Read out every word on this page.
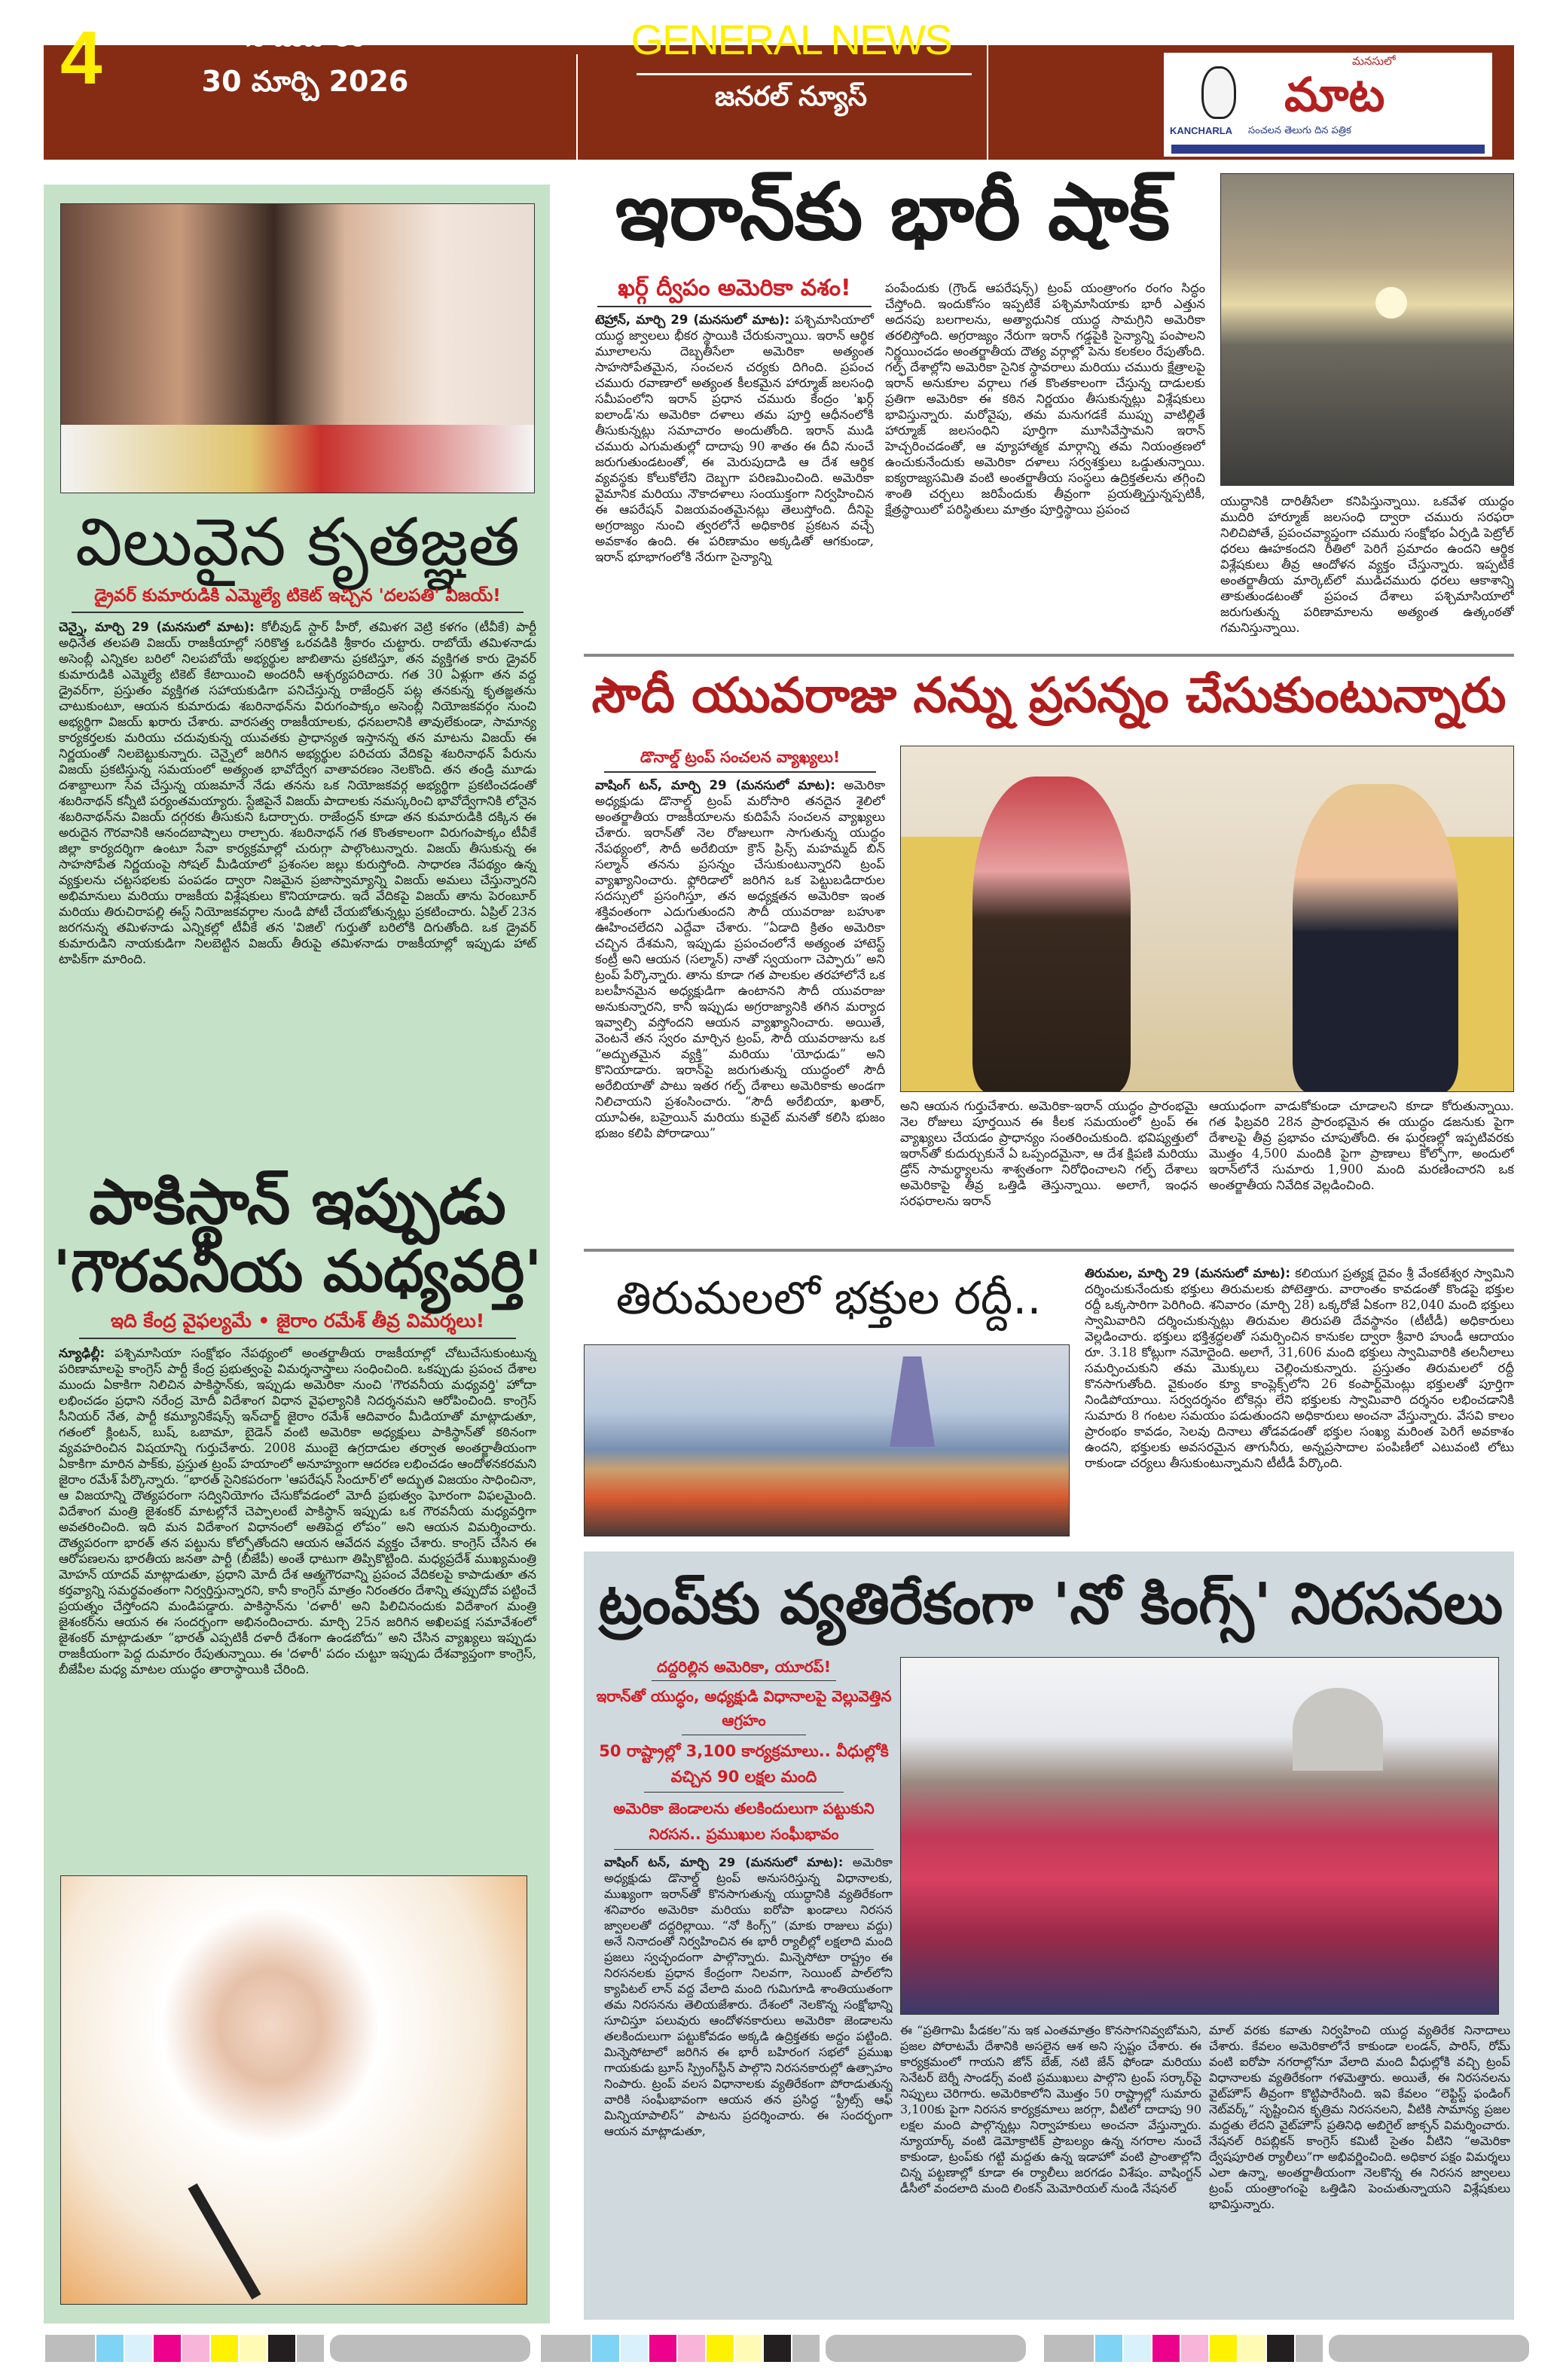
4	సోమవారం
30 మార్చి 2026
GENERAL NEWS
జనరల్ న్యూస్
మనసులో
మాట
KANCHARLA సంచలన తెలుగు దిన పత్రిక
విలువైన కృతజ్ఞత
డ్రైవర్ కుమారుడికి ఎమ్మెల్యే టికెట్ ఇచ్చిన 'దలపతి' విజయ్!
చెన్నై, మార్చి 29 (మనసులో మాట): కోలీవుడ్ స్టార్ హీరో, తమిళగ వెట్రి కళగం (టీవీకే) పార్టీ అధినేత తలపతి విజయ్ రాజకీయాల్లో సరికొత్త ఒరవడికి శ్రీకారం చుట్టారు. రాబోయే తమిళనాడు అసెంబ్లీ ఎన్నికల బరిలో నిలపబోయే అభ్యర్థుల జాబితాను ప్రకటిస్తూ, తన వ్యక్తిగత కారు డ్రైవర్ కుమారుడికి ఎమ్మెల్యే టికెట్ కేటాయించి అందరినీ ఆశ్చర్యపరిచారు. గత 30 ఏళ్లుగా తన వద్ద డ్రైవర్‌గా, ప్రస్తుతం వ్యక్తిగత సహాయకుడిగా పనిచేస్తున్న రాజేంద్రన్ పట్ల తనకున్న కృతజ్ఞతను చాటుకుంటూ, ఆయన కుమారుడు శబరినాథన్‌ను విరుగంపాక్కం అసెంబ్లీ నియోజకవర్గం నుంచి అభ్యర్థిగా విజయ్ ఖరారు చేశారు. వారసత్వ రాజకీయాలకు, ధనబలానికి తావులేకుండా, సామాన్య కార్యకర్తలకు మరియు చదువుకున్న యువతకు ప్రాధాన్యత ఇస్తానన్న తన మాటను విజయ్ ఈ నిర్ణయంతో నిలబెట్టుకున్నారు. చెన్నైలో జరిగిన అభ్యర్థుల పరిచయ వేదికపై శబరినాథన్ పేరును విజయ్ ప్రకటిస్తున్న సమయంలో అత్యంత భావోద్వేగ వాతావరణం నెలకొంది. తన తండ్రి మూడు దశాబ్దాలుగా సేవ చేస్తున్న యజమానే నేడు తనను ఒక నియోజకవర్గ అభ్యర్థిగా ప్రకటించడంతో శబరినాథన్ కన్నీటి పర్యంతమయ్యారు. స్టేజిపైనే విజయ్ పాదాలకు నమస్కరించి భావోద్వేగానికి లోనైన శబరినాథన్‌ను విజయ్ దగ్గరకు తీసుకుని ఓదార్చారు. రాజేంద్రన్ కూడా తన కుమారుడికి దక్కిన ఈ అరుదైన గౌరవానికి ఆనందబాష్పాలు రాల్చారు. శబరినాథన్ గత కొంతకాలంగా విరుగంపాక్కం టీవీకే జిల్లా కార్యదర్శిగా ఉంటూ సేవా కార్యక్రమాల్లో చురుగ్గా పాల్గొంటున్నారు. విజయ్ తీసుకున్న ఈ సాహసోపేత నిర్ణయంపై సోషల్ మీడియాలో ప్రశంసల జల్లు కురుస్తోంది. సాధారణ నేపథ్యం ఉన్న వ్యక్తులను చట్టసభలకు పంపడం ద్వారా నిజమైన ప్రజాస్వామ్యాన్ని విజయ్ అమలు చేస్తున్నారని అభిమానులు మరియు రాజకీయ విశ్లేషకులు కొనియాడారు. ఇదే వేదికపై విజయ్ తాను పెరంబూర్ మరియు తిరుచిరాపల్లి ఈస్ట్ నియోజకవర్గాల నుండి పోటీ చేయబోతున్నట్లు ప్రకటించారు. ఏప్రిల్ 23న జరగనున్న తమిళనాడు ఎన్నికల్లో టీవీకే తన 'విజిల్' గుర్తుతో బరిలోకి దిగుతోంది. ఒక డ్రైవర్ కుమారుడిని నాయకుడిగా నిలబెట్టిన విజయ్ తీరుపై తమిళనాడు రాజకీయాల్లో ఇప్పుడు హాట్ టాపిక్‌గా మారింది.
పాకిస్థాన్ ఇప్పుడు
'గౌరవనీయ మధ్యవర్తి'
ఇది కేంద్ర వైఫల్యమే • జైరాం రమేశ్ తీవ్ర విమర్శలు!
న్యూఢిల్లీ: పశ్చిమాసియా సంక్షోభం నేపథ్యంలో అంతర్జాతీయ రాజకీయాల్లో చోటుచేసుకుంటున్న పరిణామాలపై కాంగ్రెస్ పార్టీ కేంద్ర ప్రభుత్వంపై విమర్శనాస్త్రాలు సంధించింది. ఒకప్పుడు ప్రపంచ దేశాల ముందు ఏకాకిగా నిలిచిన పాకిస్థాన్‌కు, ఇప్పుడు అమెరికా నుంచి 'గౌరవనీయ మధ్యవర్తి' హోదా లభించడం ప్రధాని నరేంద్ర మోదీ విదేశాంగ విధాన వైఫల్యానికి నిదర్శనమని ఆరోపించింది. కాంగ్రెస్ సీనియర్ నేత, పార్టీ కమ్యూనికేషన్స్ ఇన్‌చార్జ్ జైరాం రమేశ్ ఆదివారం మీడియాతో మాట్లాడుతూ, గతంలో క్లింటన్, బుష్, ఒబామా, బైడెన్ వంటి అమెరికా అధ్యక్షులు పాకిస్థాన్‌తో కఠినంగా వ్యవహరించిన విషయాన్ని గుర్తుచేశారు. 2008 ముంబై ఉగ్రదాడుల తర్వాత అంతర్జాతీయంగా ఏకాకిగా మారిన పాక్‌కు, ప్రస్తుత ట్రంప్ హయాంలో అనూహ్యంగా ఆదరణ లభించడం ఆందోళనకరమని జైరాం రమేశ్ పేర్కొన్నారు. “భారత్ సైనికపరంగా 'ఆపరేషన్ సిందూర్'లో అద్భుత విజయం సాధించినా, ఆ విజయాన్ని దౌత్యపరంగా సద్వినియోగం చేసుకోవడంలో మోదీ ప్రభుత్వం ఘోరంగా విఫలమైంది. విదేశాంగ మంత్రి జైశంకర్ మాటల్లోనే చెప్పాలంటే పాకిస్థాన్ ఇప్పుడు ఒక గౌరవనీయ మధ్యవర్తిగా అవతరించింది. ఇది మన విదేశాంగ విధానంలో అతిపెద్ద లోపం” అని ఆయన విమర్శించారు. దౌత్యపరంగా భారత్ తన పట్టును కోల్పోతోందని ఆయన ఆవేదన వ్యక్తం చేశారు. కాంగ్రెస్ చేసిన ఈ ఆరోపణలను భారతీయ జనతా పార్టీ (బీజేపీ) అంతే ధాటుగా తిప్పికొట్టింది. మధ్యప్రదేశ్ ముఖ్యమంత్రి మోహన్ యాదవ్ మాట్లాడుతూ, ప్రధాని మోదీ దేశ ఆత్మగౌరవాన్ని ప్రపంచ వేదికలపై కాపాడుతూ తన కర్తవ్యాన్ని సమర్థవంతంగా నిర్వర్తిస్తున్నారని, కానీ కాంగ్రెస్ మాత్రం నిరంతరం దేశాన్ని తప్పుదోవ పట్టించే ప్రయత్నం చేస్తోందని మండిపడ్డారు. పాకిస్థాన్‌ను 'దళారీ' అని పిలిచినందుకు విదేశాంగ మంత్రి జైశంకర్‌ను ఆయన ఈ సందర్భంగా అభినందించారు. మార్చి 25న జరిగిన అఖిలపక్ష సమావేశంలో జైశంకర్ మాట్లాడుతూ “భారత్ ఎప్పటికీ దళారీ దేశంగా ఉండబోదు” అని చేసిన వ్యాఖ్యలు ఇప్పుడు రాజకీయంగా పెద్ద దుమారం రేపుతున్నాయి. ఈ 'దళారీ' పదం చుట్టూ ఇప్పుడు దేశవ్యాప్తంగా కాంగ్రెస్, బీజేపీల మధ్య మాటల యుద్ధం తారాస్థాయికి చేరింది.
ఇరాన్‌కు భారీ షాక్
ఖర్గ్ ద్వీపం అమెరికా వశం!
టెహ్రాన్, మార్చి 29 (మనసులో మాట): పశ్చిమాసియాలో యుద్ధ జ్వాలలు భీకర స్థాయికి చేరుకున్నాయి. ఇరాన్ ఆర్థిక మూలాలను దెబ్బతీసేలా అమెరికా అత్యంత సాహసోపేతమైన, సంచలన చర్యకు దిగింది. ప్రపంచ చమురు రవాణాలో అత్యంత కీలకమైన హార్మూజ్ జలసంధి సమీపంలోని ఇరాన్ ప్రధాన చమురు కేంద్రం 'ఖర్గ్ ఐలాండ్'ను అమెరికా దళాలు తమ పూర్తి ఆధీనంలోకి తీసుకున్నట్లు సమాచారం అందుతోంది. ఇరాన్ ముడి చమురు ఎగుమతుల్లో దాదాపు 90 శాతం ఈ దీవి నుంచే జరుగుతుండటంతో, ఈ మెరుపుదాడి ఆ దేశ ఆర్థిక వ్యవస్థకు కోలుకోలేని దెబ్బగా పరిణమించింది. అమెరికా వైమానిక మరియు నౌకాదళాలు సంయుక్తంగా నిర్వహించిన ఈ ఆపరేషన్ విజయవంతమైనట్లు తెలుస్తోంది. దీనిపై అగ్రరాజ్యం నుంచి త్వరలోనే అధికారిక ప్రకటన వచ్చే అవకాశం ఉంది. ఈ పరిణామం అక్కడితో ఆగకుండా, ఇరాన్ భూభాగంలోకి నేరుగా సైన్యాన్ని
పంపేందుకు (గ్రౌండ్ ఆపరేషన్స్) ట్రంప్ యంత్రాంగం రంగం సిద్ధం చేస్తోంది. ఇందుకోసం ఇప్పటికే పశ్చిమాసియాకు భారీ ఎత్తున అదనపు బలగాలను, అత్యాధునిక యుద్ధ సామగ్రిని అమెరికా తరలిస్తోంది. అగ్రరాజ్యం నేరుగా ఇరాన్ గడ్డపైకి సైన్యాన్ని పంపాలని నిర్ణయించడం అంతర్జాతీయ దౌత్య వర్గాల్లో పెను కలకలం రేపుతోంది. గల్ఫ్ దేశాల్లోని అమెరికా సైనిక స్థావరాలు మరియు చమురు క్షేత్రాలపై ఇరాన్ అనుకూల వర్గాలు గత కొంతకాలంగా చేస్తున్న దాడులకు ప్రతిగా అమెరికా ఈ కఠిన నిర్ణయం తీసుకున్నట్లు విశ్లేషకులు భావిస్తున్నారు. మరోవైపు, తమ మనుగడకే ముప్పు వాటిల్లితే హార్మూజ్ జలసంధిని పూర్తిగా మూసివేస్తామని ఇరాన్ హెచ్చరించడంతో, ఆ వ్యూహాత్మక మార్గాన్ని తమ నియంత్రణలో ఉంచుకునేందుకు అమెరికా దళాలు సర్వశక్తులు ఒడ్డుతున్నాయి. ఐక్యరాజ్యసమితి వంటి అంతర్జాతీయ సంస్థలు ఉద్రిక్తతలను తగ్గించి శాంతి చర్చలు జరిపేందుకు తీవ్రంగా ప్రయత్నిస్తున్నప్పటికీ, క్షేత్రస్థాయిలో పరిస్థితులు మాత్రం పూర్తిస్థాయి ప్రపంచ
యుద్ధానికి దారితీసేలా కనిపిస్తున్నాయి. ఒకవేళ యుద్ధం ముదిరి హార్మూజ్ జలసంధి ద్వారా చమురు సరఫరా నిలిచిపోతే, ప్రపంచవ్యాప్తంగా చమురు సంక్షోభం ఏర్పడి పెట్రోల్ ధరలు ఊహకందని రీతిలో పెరిగే ప్రమాదం ఉందని ఆర్థిక విశ్లేషకులు తీవ్ర ఆందోళన వ్యక్తం చేస్తున్నారు. ఇప్పటికే అంతర్జాతీయ మార్కెట్‌లో ముడిచమురు ధరలు ఆకాశాన్ని తాకుతుండటంతో ప్రపంచ దేశాలు పశ్చిమాసియాలో జరుగుతున్న పరిణామాలను అత్యంత ఉత్కంఠతో గమనిస్తున్నాయి.
సౌదీ యువరాజు నన్ను ప్రసన్నం చేసుకుంటున్నారు
డొనాల్డ్ ట్రంప్ సంచలన వ్యాఖ్యలు!
వాషింగ్ టన్, మార్చి 29 (మనసులో మాట): అమెరికా అధ్యక్షుడు డొనాల్డ్ ట్రంప్ మరోసారి తనదైన శైలిలో అంతర్జాతీయ రాజకీయాలను కుదిపేసే సంచలన వ్యాఖ్యలు చేశారు. ఇరాన్‌తో నెల రోజులుగా సాగుతున్న యుద్ధం నేపథ్యంలో, సౌదీ అరేబియా క్రౌన్ ప్రిన్స్ మహమ్మద్ బిన్ సల్మాన్ తనను ప్రసన్నం చేసుకుంటున్నారని ట్రంప్ వ్యాఖ్యానించారు. ఫ్లోరిడాలో జరిగిన ఒక పెట్టుబడిదారుల సదస్సులో ప్రసంగిస్తూ, తన అధ్యక్షతన అమెరికా ఇంత శక్తివంతంగా ఎదుగుతుందని సౌదీ యువరాజు బహుశా ఊహించలేదని ఎద్దేవా చేశారు. “ఏడాది క్రితం అమెరికా చచ్చిన దేశమని, ఇప్పుడు ప్రపంచంలోనే అత్యంత హాటెస్ట్ కంట్రీ అని ఆయన (సల్మాన్) నాతో స్వయంగా చెప్పారు” అని ట్రంప్ పేర్కొన్నారు. తాను కూడా గత పాలకుల తరహాలోనే ఒక బలహీనమైన అధ్యక్షుడిగా ఉంటానని సౌదీ యువరాజు అనుకున్నారని, కానీ ఇప్పుడు అగ్రరాజ్యానికి తగిన మర్యాద ఇవ్వాల్సి వస్తోందని ఆయన వ్యాఖ్యానించారు. అయితే, వెంటనే తన స్వరం మార్చిన ట్రంప్, సౌదీ యువరాజును ఒక “అద్భుతమైన వ్యక్తి” మరియు 'యోధుడు” అని కొనియాడారు. ఇరాన్‌పై జరుగుతున్న యుద్ధంలో సౌదీ అరేబియాతో పాటు ఇతర గల్ఫ్ దేశాలు అమెరికాకు అండగా నిలిచాయని ప్రశంసించారు. “సౌదీ అరేబియా, ఖతార్, యూఏఈ, బహ్రెయిన్ మరియు కువైట్ మనతో కలిసి భుజం భుజం కలిపి పోరాడాయి”
అని ఆయన గుర్తుచేశారు. అమెరికా-ఇరాన్ యుద్ధం ప్రారంభమై నెల రోజులు పూర్తయిన ఈ కీలక సమయంలో ట్రంప్ ఈ వ్యాఖ్యలు చేయడం ప్రాధాన్యం సంతరించుకుంది. భవిష్యత్తులో ఇరాన్‌తో కుదుర్చుకునే ఏ ఒప్పందమైనా, ఆ దేశ క్షిపణి మరియు డ్రోన్ సామర్థ్యాలను శాశ్వతంగా నిరోధించాలని గల్ఫ్ దేశాలు అమెరికాపై తీవ్ర ఒత్తిడి తెస్తున్నాయి. అలాగే, ఇంధన సరఫరాలను ఇరాన్
ఆయుధంగా వాడుకోకుండా చూడాలని కూడా కోరుతున్నాయి. గత ఫిబ్రవరి 28న ప్రారంభమైన ఈ యుద్ధం డజనుకు పైగా దేశాలపై తీవ్ర ప్రభావం చూపుతోంది. ఈ ఘర్షణల్లో ఇప్పటివరకు మొత్తం 4,500 మందికి పైగా ప్రాణాలు కోల్పోగా, అందులో ఇరాన్‌లోనే సుమారు 1,900 మంది మరణించారని ఒక అంతర్జాతీయ నివేదిక వెల్లడించింది.
తిరుమలలో భక్తుల రద్దీ..	తిరుమల, మార్చి 29 (మనసులో మాట): కలియుగ ప్రత్యక్ష దైవం శ్రీ వేంకటేశ్వర స్వామిని దర్శించుకునేందుకు భక్తులు తిరుమలకు పోటెత్తారు. వారాంతం కావడంతో కొండపై భక్తుల రద్దీ ఒక్కసారిగా పెరిగింది. శనివారం (మార్చి 28) ఒక్కరోజే ఏకంగా 82,040 మంది భక్తులు స్వామివారిని దర్శించుకున్నట్లు తిరుమల తిరుపతి దేవస్థానం (టీటీడీ) అధికారులు వెల్లడించారు. భక్తులు భక్తిశ్రద్ధలతో సమర్పించిన కానుకల ద్వారా శ్రీవారి హుండీ ఆదాయం రూ. 3.18 కోట్లుగా నమోదైంది. అలాగే, 31,606 మంది భక్తులు స్వామివారికి తలనీలాలు సమర్పించుకుని తమ మొక్కులు చెల్లించుకున్నారు. ప్రస్తుతం తిరుమలలో రద్దీ కొనసాగుతోంది. వైకుంఠం క్యూ కాంప్లెక్స్‌లోని 26 కంపార్ట్‌మెంట్లు భక్తులతో పూర్తిగా నిండిపోయాయి. సర్వదర్శనం టోకెన్లు లేని భక్తులకు స్వామివారి దర్శనం లభించడానికి సుమారు 8 గంటల సమయం పడుతుందని అధికారులు అంచనా వేస్తున్నారు. వేసవి కాలం ప్రారంభం కావడం, సెలవు దినాలు తోడవడంతో భక్తుల సంఖ్య మరింత పెరిగే అవకాశం ఉందని, భక్తులకు అవసరమైన తాగునీరు, అన్నప్రసాదాల పంపిణీలో ఎటువంటి లోటు రాకుండా చర్యలు తీసుకుంటున్నామని టీటీడీ పేర్కొంది.
ట్రంప్‌కు వ్యతిరేకంగా 'నో కింగ్స్' నిరసనలు
దద్దరిల్లిన అమెరికా, యూరప్!
ఇరాన్‌తో యుద్ధం, అధ్యక్షుడి విధానాలపై వెల్లువెత్తిన ఆగ్రహం
50 రాష్ట్రాల్లో 3,100 కార్యక్రమాలు.. వీధుల్లోకి వచ్చిన 90 లక్షల మంది
అమెరికా జెండాలను తలకిందులుగా పట్టుకుని నిరసన.. ప్రముఖుల సంఘీభావం
వాషింగ్ టన్, మార్చి 29 (మనసులో మాట): అమెరికా అధ్యక్షుడు డొనాల్డ్ ట్రంప్ అనుసరిస్తున్న విధానాలకు, ముఖ్యంగా ఇరాన్‌తో కొనసాగుతున్న యుద్ధానికి వ్యతిరేకంగా శనివారం అమెరికా మరియు ఐరోపా ఖండాలు నిరసన జ్వాలలతో దద్దరిల్లాయి. “నో కింగ్స్” (మాకు రాజులు వద్దు) అనే నినాదంతో నిర్వహించిన ఈ భారీ ర్యాలీల్లో లక్షలాది మంది ప్రజలు స్వచ్ఛందంగా పాల్గొన్నారు. మిన్నెసోటా రాష్ట్రం ఈ నిరసనలకు ప్రధాన కేంద్రంగా నిలవగా, సెయింట్ పాల్‌లోని క్యాపిటల్ లాన్ వద్ద వేలాది మంది గుమిగూడి శాంతియుతంగా తమ నిరసనను తెలియజేశారు. దేశంలో నెలకొన్న సంక్షోభాన్ని సూచిస్తూ పలువురు ఆందోళనకారులు అమెరికా జెండాలను తలకిందులుగా పట్టుకోవడం అక్కడి ఉద్రిక్తతకు అద్దం పట్టింది. మిన్నెసోటాలో జరిగిన ఈ భారీ బహిరంగ సభలో ప్రముఖ గాయకుడు బ్రూస్ స్ప్రింగ్‌స్టీన్ పాల్గొని నిరసనకారుల్లో ఉత్సాహం నింపారు. ట్రంప్ వలస విధానాలకు వ్యతిరేకంగా పోరాడుతున్న వారికి సంఘీభావంగా ఆయన తన ప్రసిద్ధ “స్ట్రీట్స్ ఆఫ్ మిన్నియాపాలిస్” పాటను ప్రదర్శించారు. ఈ సందర్భంగా ఆయన మాట్లాడుతూ,
ఈ “ప్రతిగామి పీడకల”ను ఇక ఎంతమాత్రం కొనసాగనివ్వబోమని, ప్రజల పోరాటమే దేశానికి అసలైన ఆశ అని స్పష్టం చేశారు. ఈ కార్యక్రమంలో గాయని జోన్ బేజ్, నటి జేన్ ఫోండా మరియు సెనేటర్ బెర్నీ సాండర్స్ వంటి ప్రముఖులు పాల్గొని ట్రంప్ సర్కార్‌పై నిప్పులు చెరిగారు. అమెరికాలోని మొత్తం 50 రాష్ట్రాల్లో సుమారు 3,100కు పైగా నిరసన కార్యక్రమాలు జరగ్గా, వీటిలో దాదాపు 90 లక్షల మంది పాల్గొన్నట్లు నిర్వాహకులు అంచనా వేస్తున్నారు. న్యూయార్క్ వంటి డెమోక్రాటిక్ ప్రాబల్యం ఉన్న నగరాల నుంచే కాకుండా, ట్రంప్‌కు గట్టి మద్దతు ఉన్న ఇడాహో వంటి ప్రాంతాల్లోని చిన్న పట్టణాల్లో కూడా ఈ ర్యాలీలు జరగడం విశేషం. వాషింగ్టన్ డీసీలో వందలాది మంది లింకన్ మెమోరియల్ నుండి నేషనల్
మాల్ వరకు కవాతు నిర్వహించి యుద్ధ వ్యతిరేక నినాదాలు చేశారు. కేవలం అమెరికాలోనే కాకుండా లండన్, పారిస్, రోమ్ వంటి ఐరోపా నగరాల్లోనూ వేలాది మంది వీధుల్లోకి వచ్చి ట్రంప్ విధానాలకు వ్యతిరేకంగా గళమెత్తారు. అయితే, ఈ నిరసనలను వైట్‌హౌస్ తీవ్రంగా కొట్టిపారేసింది. ఇవి కేవలం “లెఫ్టిస్ట్ ఫండింగ్ నెట్‌వర్క్” సృష్టించిన కృత్రిమ నిరసనలని, వీటికి సామాన్య ప్రజల మద్దతు లేదని వైట్‌హౌస్ ప్రతినిధి అబిగైల్ జాక్సన్ విమర్శించారు. నేషనల్ రిపబ్లికన్ కాంగ్రెస్ కమిటీ సైతం వీటిని “అమెరికా ద్వేషపూరిత ర్యాలీలు”గా అభివర్ణించింది. అధికార పక్షం విమర్శలు ఎలా ఉన్నా, అంతర్జాతీయంగా నెలకొన్న ఈ నిరసన జ్వాలలు ట్రంప్ యంత్రాంగంపై ఒత్తిడిని పెంచుతున్నాయని విశ్లేషకులు భావిస్తున్నారు.
